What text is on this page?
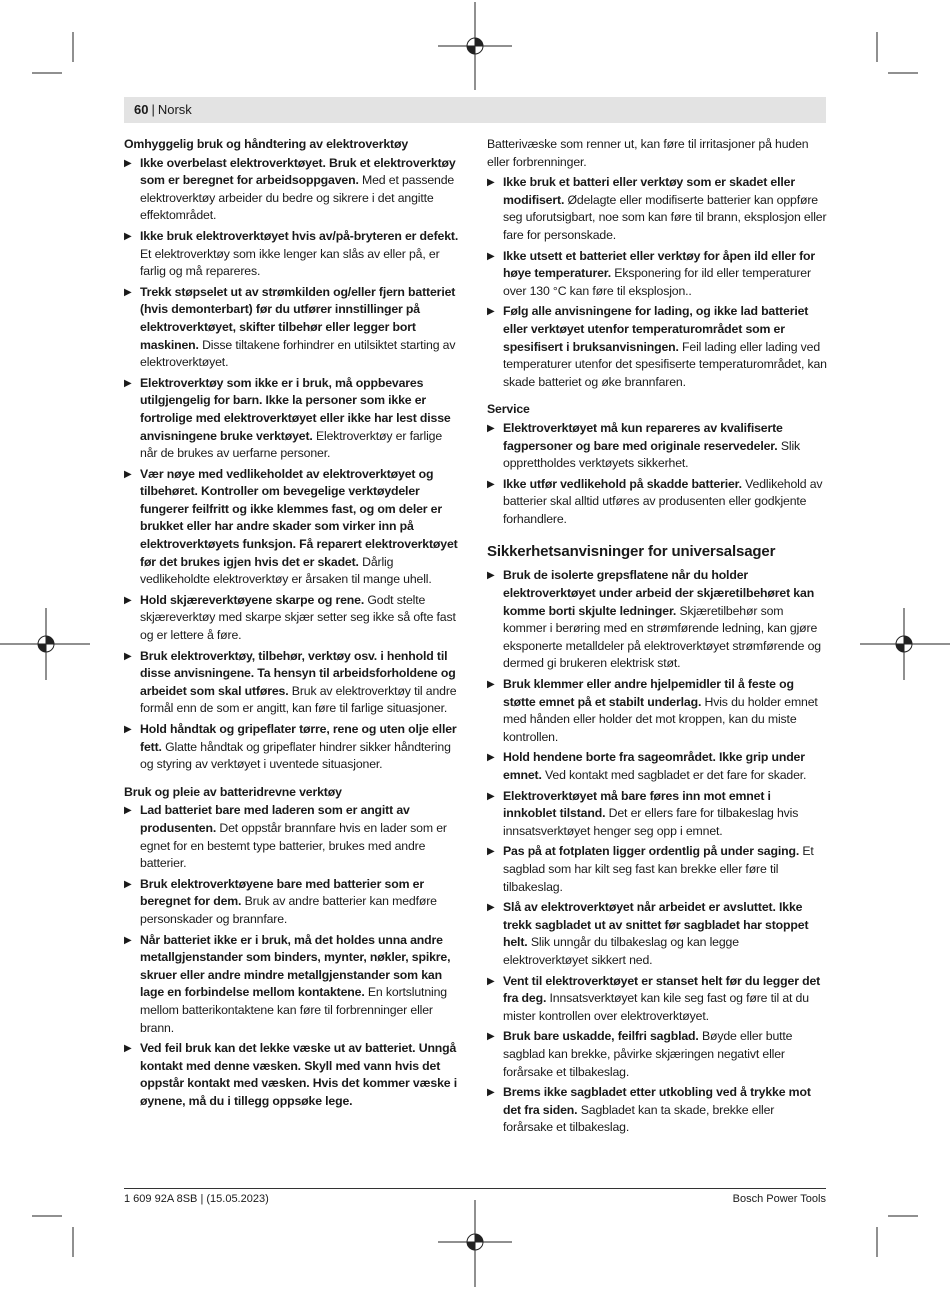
60 | Norsk
Omhyggelig bruk og håndtering av elektroverktøy
▶ Ikke overbelast elektroverktøyet. Bruk et elektroverktøy som er beregnet for arbeidsoppgaven. Med et passende elektroverktøy arbeider du bedre og sikrere i det angitte effektområdet.
▶ Ikke bruk elektroverktøyet hvis av/på-bryteren er defekt. Et elektroverktøy som ikke lenger kan slås av eller på, er farlig og må repareres.
▶ Trekk støpselet ut av strømkilden og/eller fjern batteriet (hvis demonterbart) før du utfører innstillinger på elektroverktøyet, skifter tilbehør eller legger bort maskinen. Disse tiltakene forhindrer en utilsiktet starting av elektroverktøyet.
▶ Elektroverktøy som ikke er i bruk, må oppbevares utilgjengelig for barn. Ikke la personer som ikke er fortrolige med elektroverktøyet eller ikke har lest disse anvisningene bruke verktøyet. Elektroverktøy er farlige når de brukes av uerfarne personer.
▶ Vær nøye med vedlikeholdet av elektroverktøyet og tilbehøret. Kontroller om bevegelige verktøydeler fungerer feilfritt og ikke klemmes fast, og om deler er brukket eller har andre skader som virker inn på elektroverktøyets funksjon. Få reparert elektroverktøyet før det brukes igjen hvis det er skadet. Dårlig vedlikeholdte elektroverktøy er årsaken til mange uhell.
▶ Hold skjæreverktøyene skarpe og rene. Godt stelte skjæreverktøy med skarpe skjær setter seg ikke så ofte fast og er lettere å føre.
▶ Bruk elektroverktøy, tilbehør, verktøy osv. i henhold til disse anvisningene. Ta hensyn til arbeidsforholdene og arbeidet som skal utføres. Bruk av elektroverktøy til andre formål enn de som er angitt, kan føre til farlige situasjoner.
▶ Hold håndtak og gripeflater tørre, rene og uten olje eller fett. Glatte håndtak og gripeflater hindrer sikker håndtering og styring av verktøyet i uventede situasjoner.
Bruk og pleie av batteridrevne verktøy
▶ Lad batteriet bare med laderen som er angitt av produsenten. Det oppstår brannfare hvis en lader som er egnet for en bestemt type batterier, brukes med andre batterier.
▶ Bruk elektroverktøyene bare med batterier som er beregnet for dem. Bruk av andre batterier kan medføre personskader og brannfare.
▶ Når batteriet ikke er i bruk, må det holdes unna andre metallgjenstander som binders, mynter, nøkler, spikre, skruer eller andre mindre metallgjenstander som kan lage en forbindelse mellom kontaktene. En kortslutning mellom batterikontaktene kan føre til forbrenninger eller brann.
▶ Ved feil bruk kan det lekke væske ut av batteriet. Unngå kontakt med denne væsken. Skyll med vann hvis det oppstår kontakt med væsken. Hvis det kommer væske i øynene, må du i tillegg oppsøke lege.
Batterivæske som renner ut, kan føre til irritasjoner på huden eller forbrenninger.
▶ Ikke bruk et batteri eller verktøy som er skadet eller modifisert. Ødelagte eller modifiserte batterier kan oppføre seg uforutsigbart, noe som kan føre til brann, eksplosjon eller fare for personskade.
▶ Ikke utsett et batteriet eller verktøy for åpen ild eller for høye temperaturer. Eksponering for ild eller temperaturer over 130 °C kan føre til eksplosjon..
▶ Følg alle anvisningene for lading, og ikke lad batteriet eller verktøyet utenfor temperaturområdet som er spesifisert i bruksanvisningen. Feil lading eller lading ved temperaturer utenfor det spesifiserte temperaturområdet, kan skade batteriet og øke brannfaren.
Service
▶ Elektroverktøyet må kun repareres av kvalifiserte fagpersoner og bare med originale reservedeler. Slik opprettholdes verktøyets sikkerhet.
▶ Ikke utfør vedlikehold på skadde batterier. Vedlikehold av batterier skal alltid utføres av produsenten eller godkjente forhandlere.
Sikkerhetsanvisninger for universalsager
▶ Bruk de isolerte grepsflatene når du holder elektroverktøyet under arbeid der skjæretilbehøret kan komme borti skjulte ledninger. Skjæretilbehør som kommer i berøring med en strømførende ledning, kan gjøre eksponerte metalldeler på elektroverktøyet strømførende og dermed gi brukeren elektrisk støt.
▶ Bruk klemmer eller andre hjelpemidler til å feste og støtte emnet på et stabilt underlag. Hvis du holder emnet med hånden eller holder det mot kroppen, kan du miste kontrollen.
▶ Hold hendene borte fra sageområdet. Ikke grip under emnet. Ved kontakt med sagbladet er det fare for skader.
▶ Elektroverktøyet må bare føres inn mot emnet i innkoblet tilstand. Det er ellers fare for tilbakeslag hvis innsatsverktøyet henger seg opp i emnet.
▶ Pas på at fotplaten ligger ordentlig på under saging. Et sagblad som har kilt seg fast kan brekke eller føre til tilbakeslag.
▶ Slå av elektroverktøyet når arbeidet er avsluttet. Ikke trekk sagbladet ut av snittet før sagbladet har stoppet helt. Slik unngår du tilbakeslag og kan legge elektroverktøyet sikkert ned.
▶ Vent til elektroverktøyet er stanset helt før du legger det fra deg. Innsatsverktøyet kan kile seg fast og føre til at du mister kontrollen over elektroverktøyet.
▶ Bruk bare uskadde, feilfri sagblad. Bøyde eller butte sagblad kan brekke, påvirke skjæringen negativt eller forårsake et tilbakeslag.
▶ Brems ikke sagbladet etter utkobling ved å trykke mot det fra siden. Sagbladet kan ta skade, brekke eller forårsake et tilbakeslag.
1 609 92A 8SB | (15.05.2023)	Bosch Power Tools
